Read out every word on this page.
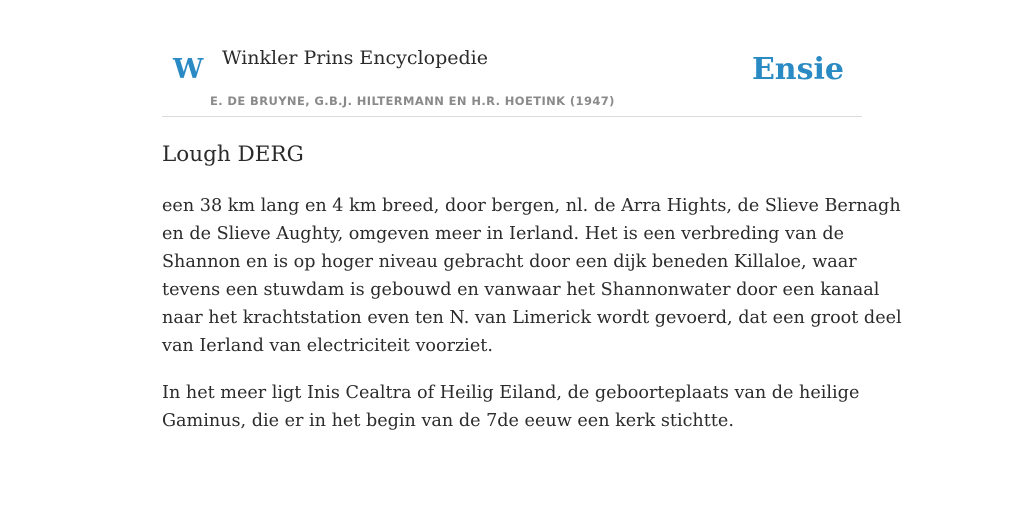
W Winkler Prins Encyclopedie
E. DE BRUYNE, G.B.J. HILTERMANN EN H.R. HOETINK (1947)
Ensie
Lough DERG

een 38 km lang en 4 km breed, door bergen, nl. de Arra Hights, de Slieve Bernagh
en de Slieve Aughty, omgeven meer in Ierland. Het is een verbreding van de
Shannon en is op hoger niveau gebracht door een dijk beneden Killaloe, waar
tevens een stuwdam is gebouwd en vanwaar het Shannonwater door een kanaal
naar het krachtstation even ten N. van Limerick wordt gevoerd, dat een groot deel
van Ierland van electriciteit voorziet.

In het meer ligt Inis Cealtra of Heilig Eiland, de geboorteplaats van de heilige
Gaminus, die er in het begin van de 7de eeuw een kerk stichtte.
